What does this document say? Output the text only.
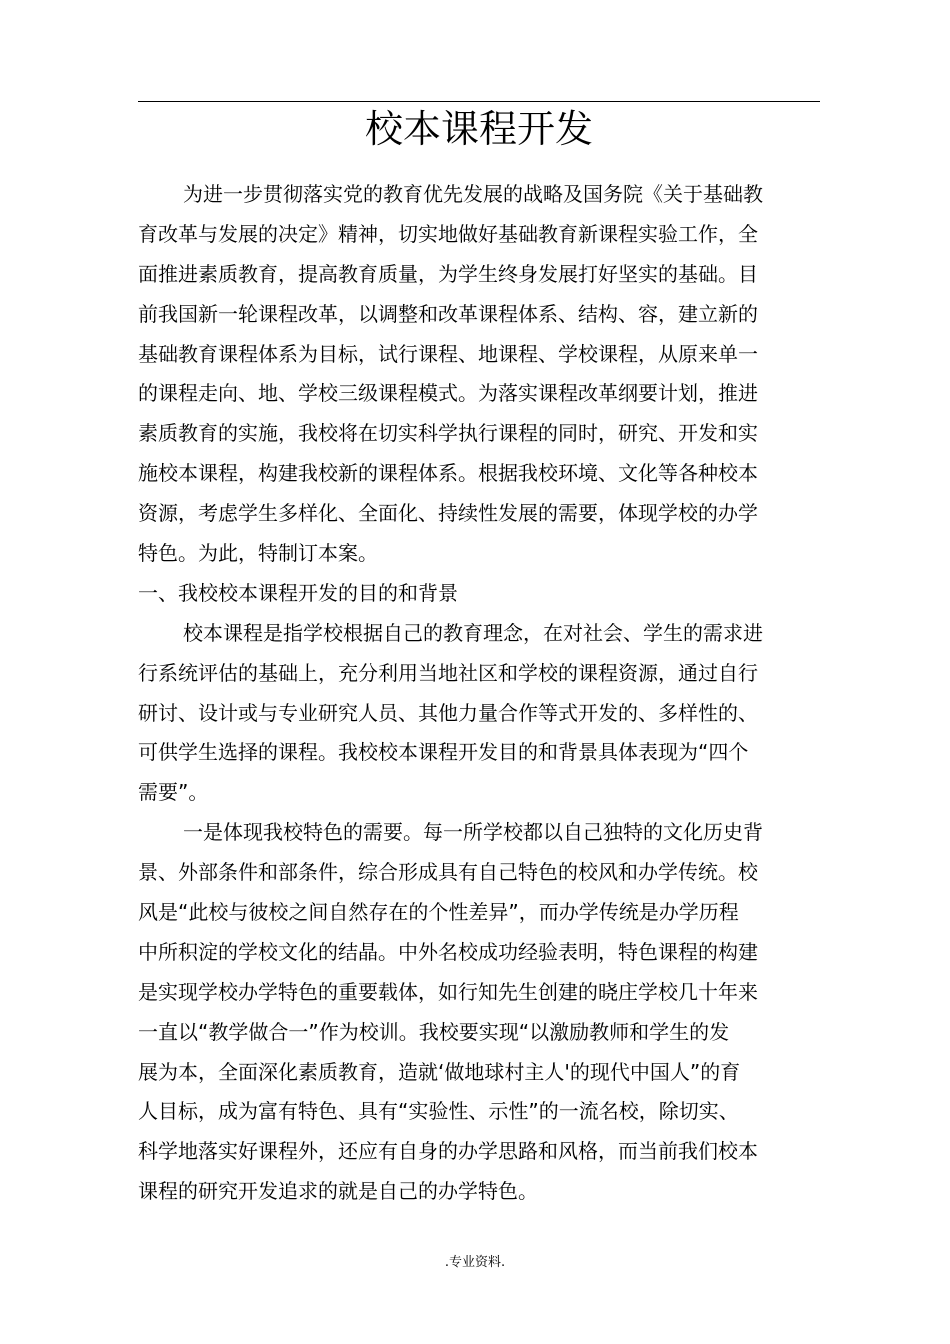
校本课程开发
为进一步贯彻落实党的教育优先发展的战略及国务院《关于基础教
育改革与发展的决定》精神，切实地做好基础教育新课程实验工作，全
面推进素质教育，提高教育质量，为学生终身发展打好坚实的基础。目
前我国新一轮课程改革，以调整和改革课程体系、结构、容，建立新的
基础教育课程体系为目标，试行课程、地课程、学校课程，从原来单一
的课程走向、地、学校三级课程模式。为落实课程改革纲要计划，推进
素质教育的实施，我校将在切实科学执行课程的同时，研究、开发和实
施校本课程，构建我校新的课程体系。根据我校环境、文化等各种校本
资源，考虑学生多样化、全面化、持续性发展的需要，体现学校的办学
特色。为此，特制订本案。
一、我校校本课程开发的目的和背景
校本课程是指学校根据自己的教育理念，在对社会、学生的需求进
行系统评估的基础上，充分利用当地社区和学校的课程资源，通过自行
研讨、设计或与专业研究人员、其他力量合作等式开发的、多样性的、
可供学生选择的课程。我校校本课程开发目的和背景具体表现为“四个
需要”。
一是体现我校特色的需要。每一所学校都以自己独特的文化历史背
景、外部条件和部条件，综合形成具有自己特色的校风和办学传统。校
风是“此校与彼校之间自然存在的个性差异”，而办学传统是办学历程
中所积淀的学校文化的结晶。中外名校成功经验表明，特色课程的构建
是实现学校办学特色的重要载体，如行知先生创建的晓庄学校几十年来
一直以“教学做合一”作为校训。我校要实现“以激励教师和学生的发
展为本，全面深化素质教育，造就‘做地球村主人'的现代中国人”的育
人目标，成为富有特色、具有“实验性、示性”的一流名校，除切实、
科学地落实好课程外，还应有自身的办学思路和风格，而当前我们校本
课程的研究开发追求的就是自己的办学特色。
.专业资料.
